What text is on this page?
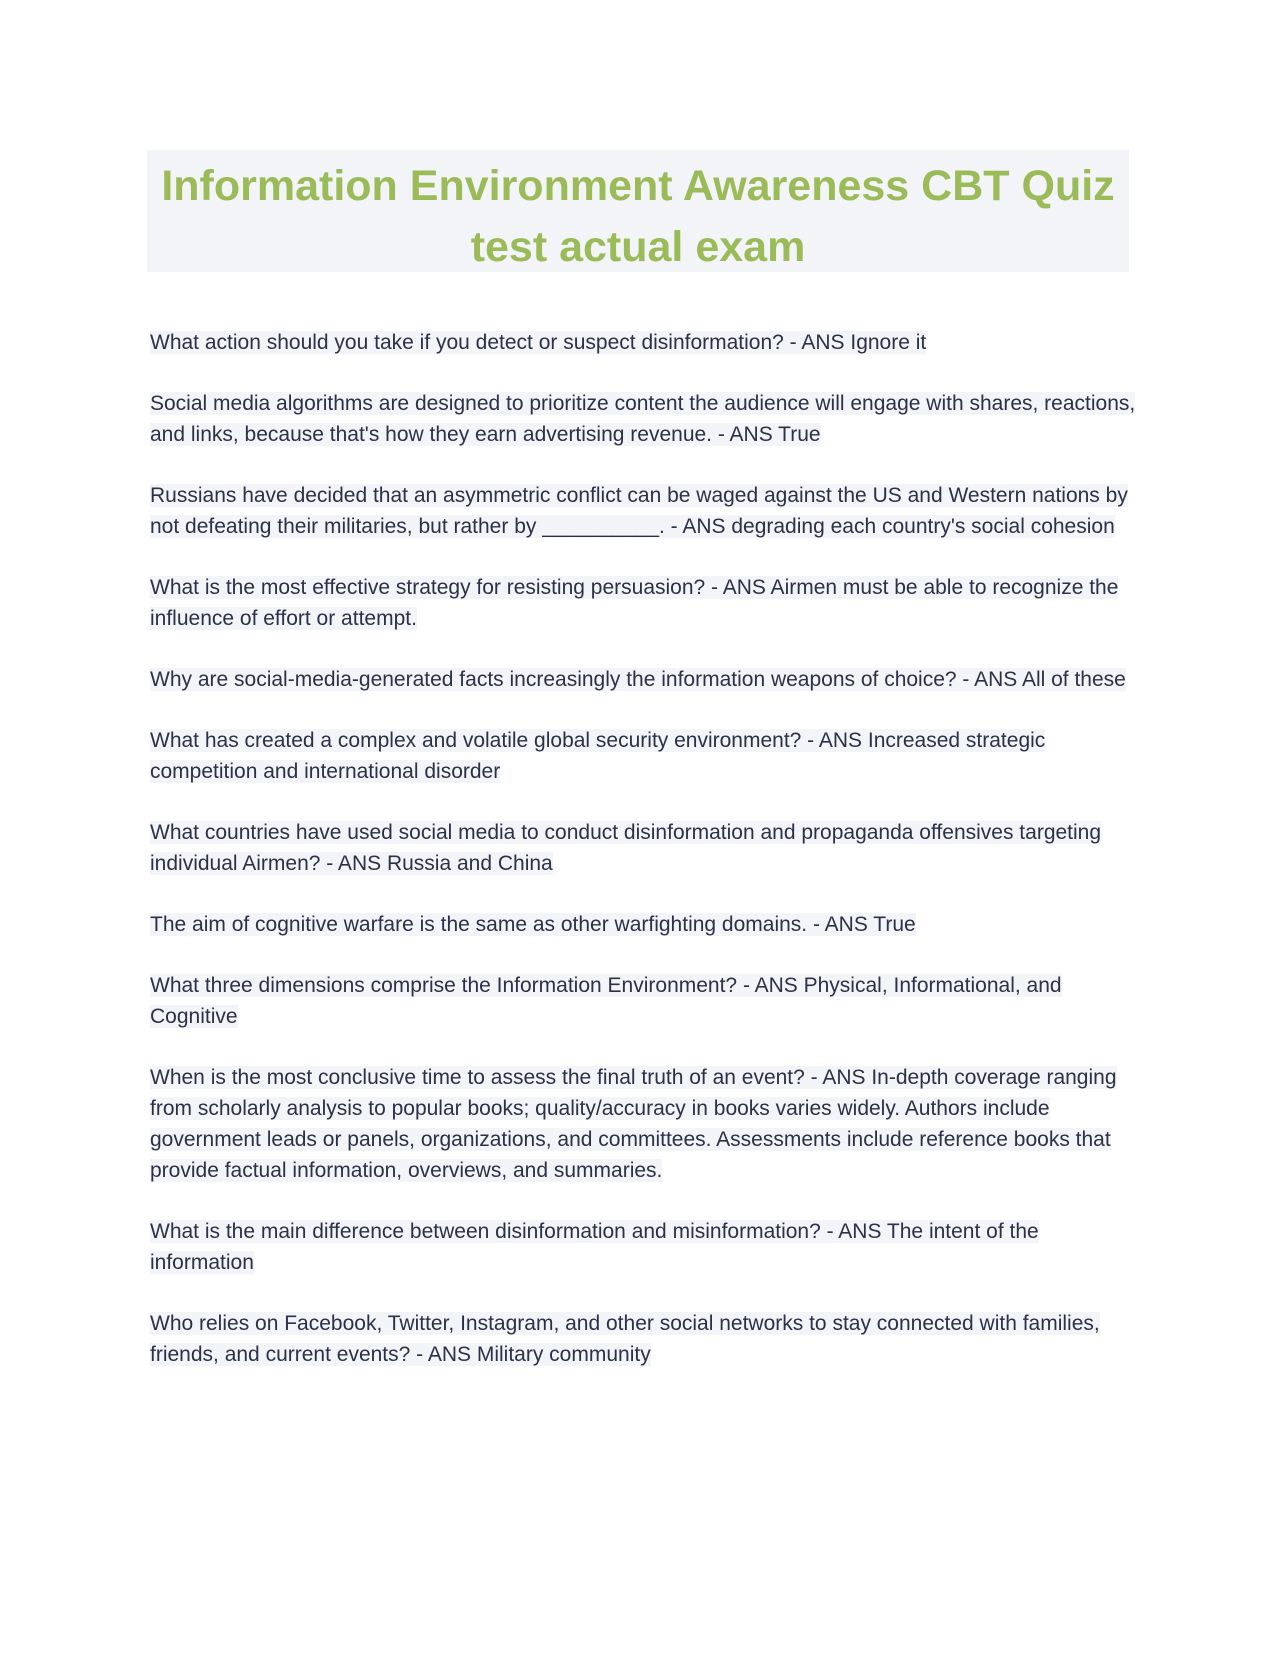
Information Environment Awareness CBT Quiz
test actual exam

What action should you take if you detect or suspect disinformation? - ANS Ignore it

Social media algorithms are designed to prioritize content the audience will engage with shares, reactions, and links, because that's how they earn advertising revenue. - ANS True

Russians have decided that an asymmetric conflict can be waged against the US and Western nations by not defeating their militaries, but rather by __________. - ANS degrading each country's social cohesion

What is the most effective strategy for resisting persuasion? - ANS Airmen must be able to recognize the influence of effort or attempt.

Why are social-media-generated facts increasingly the information weapons of choice? - ANS All of these

What has created a complex and volatile global security environment? - ANS Increased strategic competition and international disorder

What countries have used social media to conduct disinformation and propaganda offensives targeting individual Airmen? - ANS Russia and China

The aim of cognitive warfare is the same as other warfighting domains. - ANS True

What three dimensions comprise the Information Environment? - ANS Physical, Informational, and Cognitive

When is the most conclusive time to assess the final truth of an event? - ANS In-depth coverage ranging from scholarly analysis to popular books; quality/accuracy in books varies widely. Authors include government leads or panels, organizations, and committees. Assessments include reference books that provide factual information, overviews, and summaries.

What is the main difference between disinformation and misinformation? - ANS The intent of the information

Who relies on Facebook, Twitter, Instagram, and other social networks to stay connected with families, friends, and current events? - ANS Military community
